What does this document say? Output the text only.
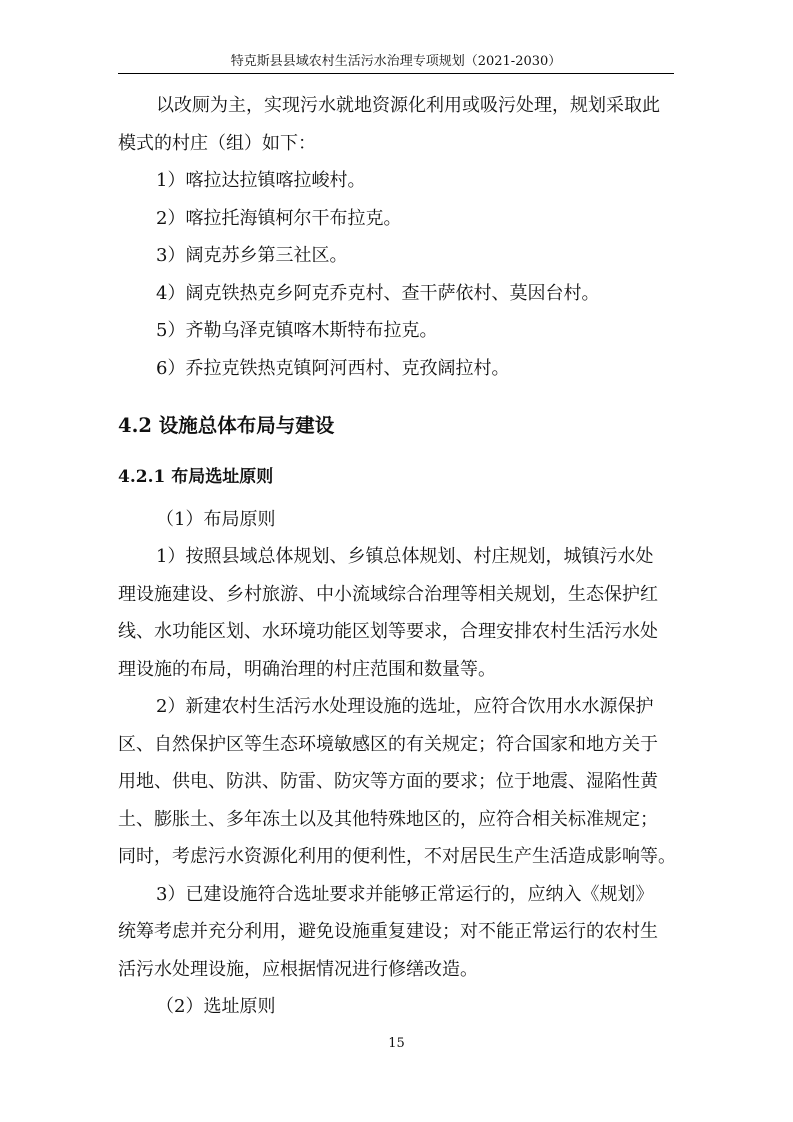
特克斯县县域农村生活污水治理专项规划（2021-2030）

以改厕为主，实现污水就地资源化利用或吸污处理，规划采取此
模式的村庄（组）如下：

1）喀拉达拉镇喀拉峻村。

2）喀拉托海镇柯尔干布拉克。

3）阔克苏乡第三社区。

4）阔克铁热克乡阿克乔克村、查干萨依村、莫因台村。

5）齐勒乌泽克镇喀木斯特布拉克。

6）乔拉克铁热克镇阿河西村、克孜阔拉村。

4.2 设施总体布局与建设
4.2.1 布局选址原则

（1）布局原则

1）按照县域总体规划、乡镇总体规划、村庄规划，城镇污水处
理设施建设、乡村旅游、中小流域综合治理等相关规划，生态保护红
线、水功能区划、水环境功能区划等要求，合理安排农村生活污水处
理设施的布局，明确治理的村庄范围和数量等。

2）新建农村生活污水处理设施的选址，应符合饮用水水源保护
区、自然保护区等生态环境敏感区的有关规定；符合国家和地方关于
用地、供电、防洪、防雷、防灾等方面的要求；位于地震、湿陷性黄
土、膨胀土、多年冻土以及其他特殊地区的，应符合相关标准规定；
同时，考虑污水资源化利用的便利性，不对居民生产生活造成影响等。

3）已建设施符合选址要求并能够正常运行的，应纳入《规划》
统筹考虑并充分利用，避免设施重复建设；对不能正常运行的农村生
活污水处理设施，应根据情况进行修缮改造。

（2）选址原则

15
